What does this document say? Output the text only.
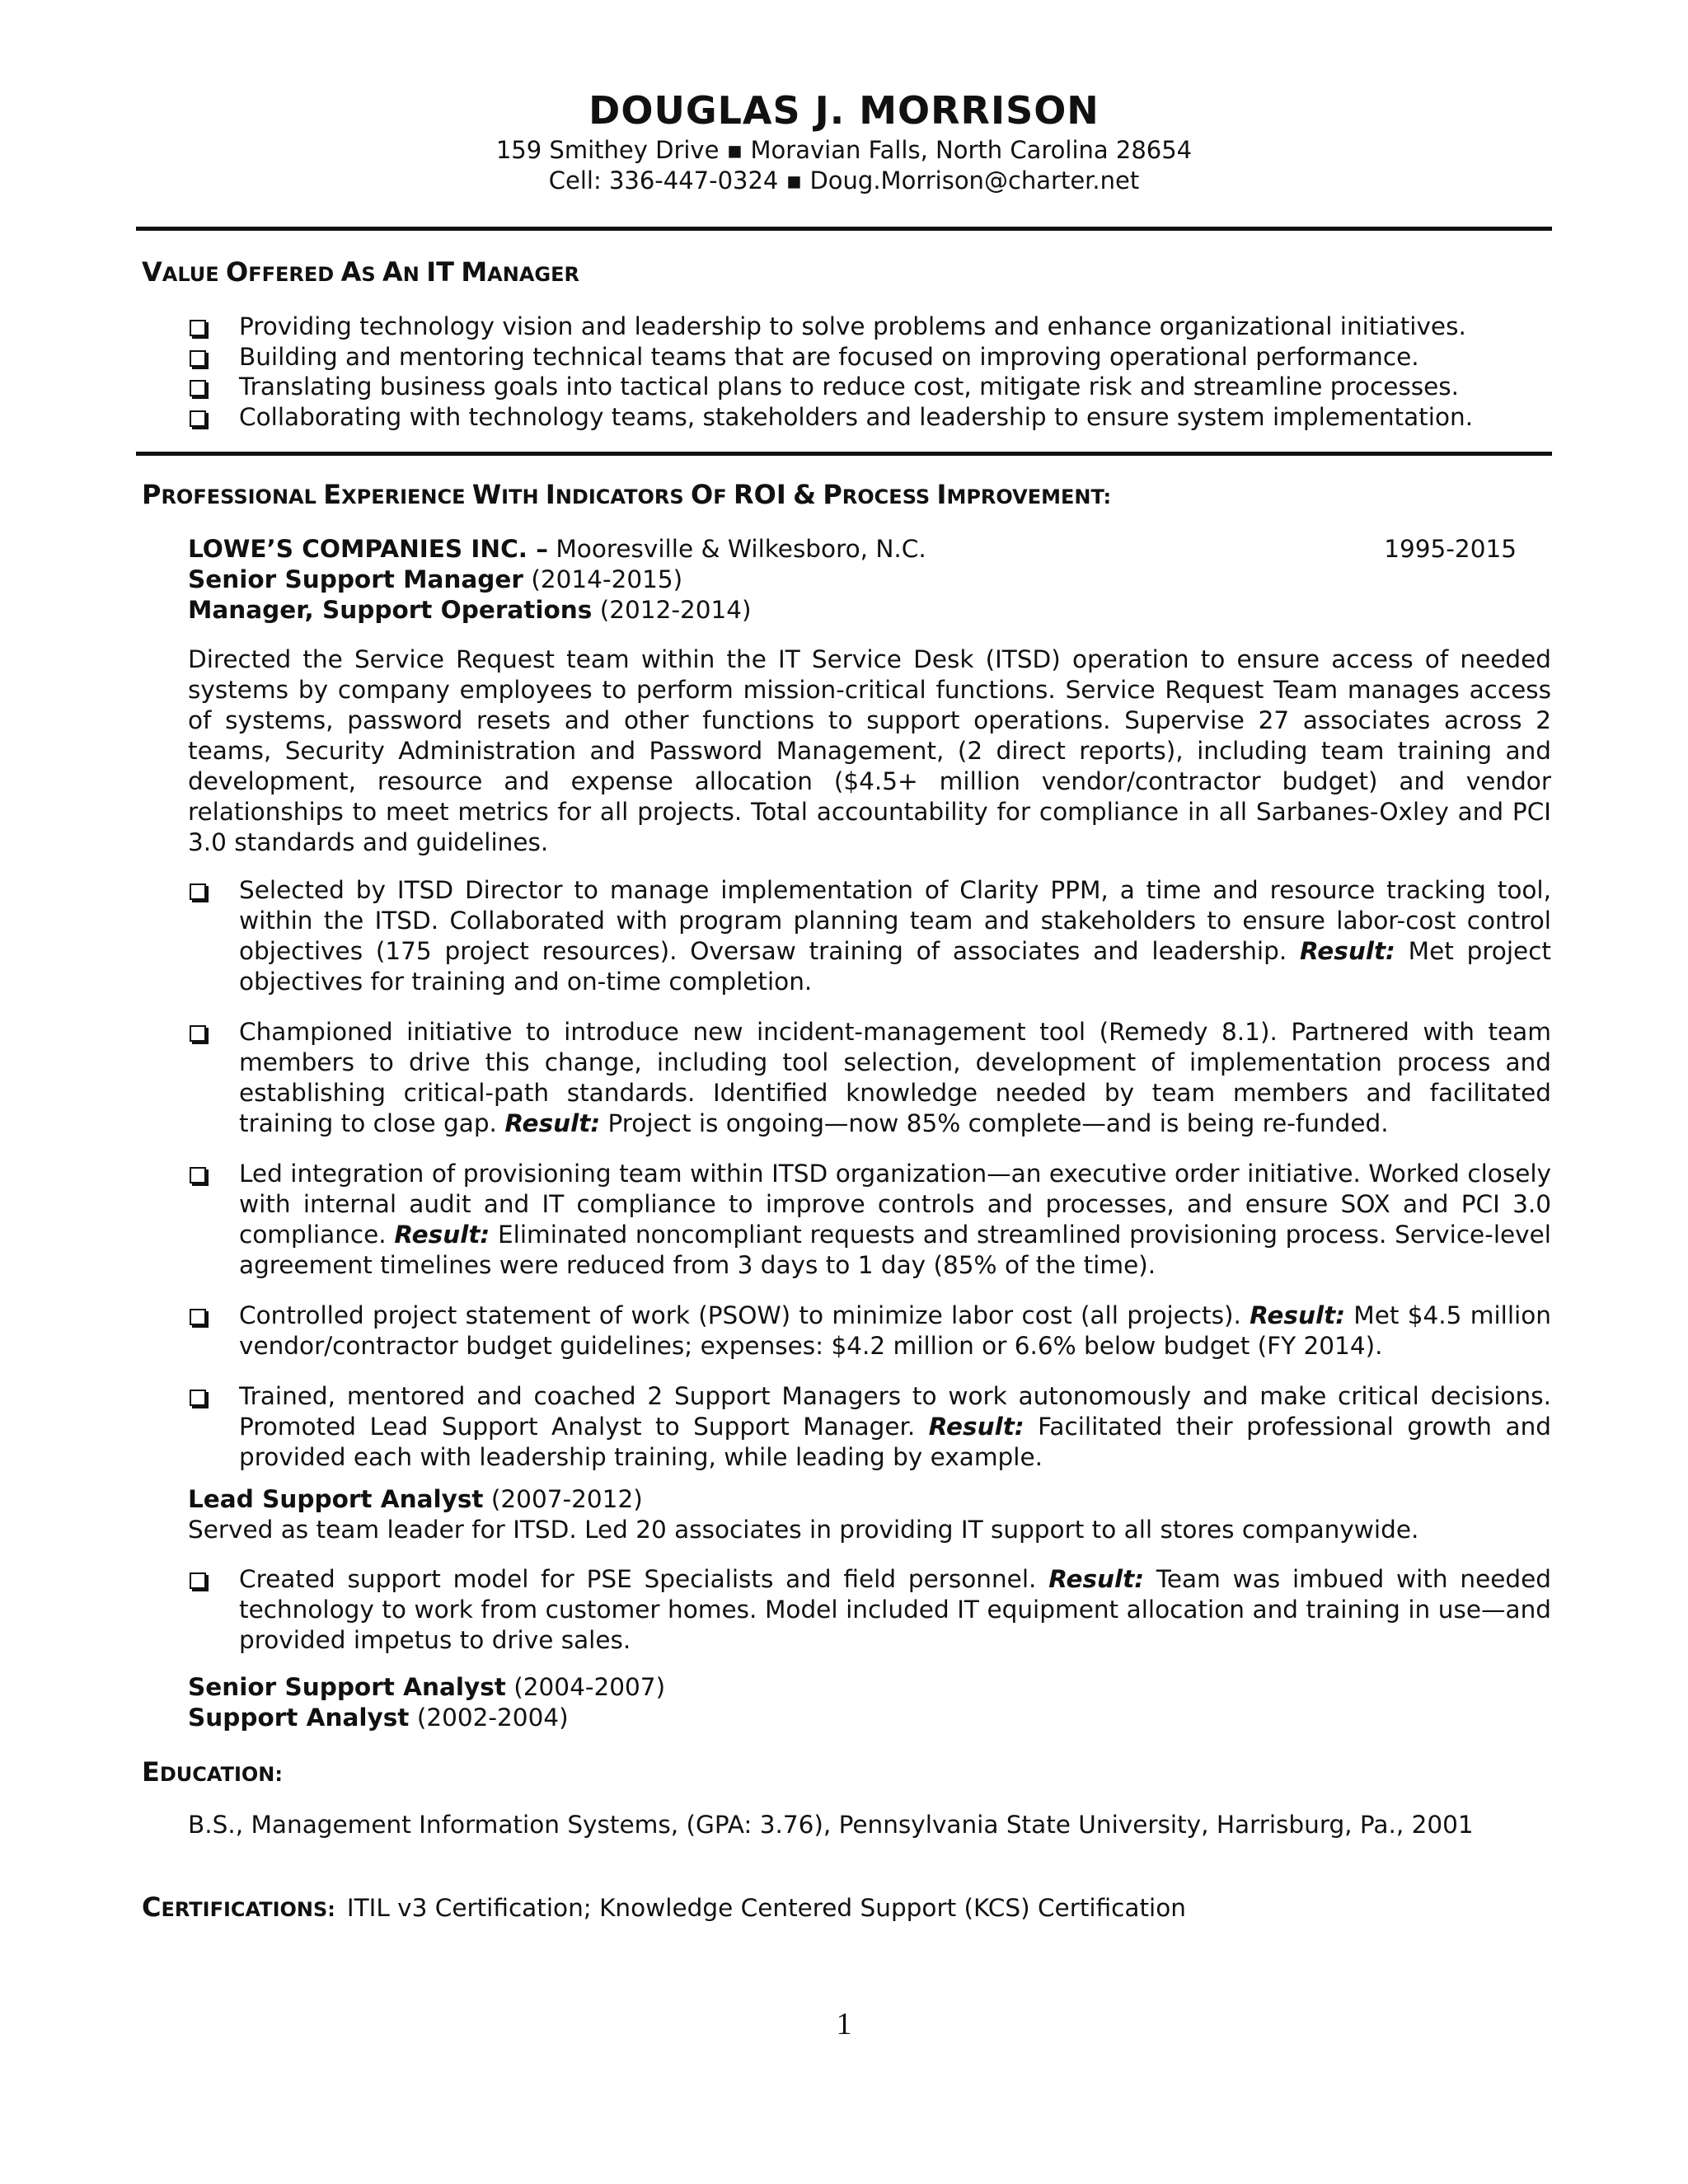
DOUGLAS J. MORRISON
159 Smithey Drive ▪ Moravian Falls, North Carolina 28654
Cell: 336-447-0324 ▪ Doug.Morrison@charter.net
VALUE OFFERED AS AN IT MANAGER
Providing technology vision and leadership to solve problems and enhance organizational initiatives.
Building and mentoring technical teams that are focused on improving operational performance.
Translating business goals into tactical plans to reduce cost, mitigate risk and streamline processes.
Collaborating with technology teams, stakeholders and leadership to ensure system implementation.
PROFESSIONAL EXPERIENCE WITH INDICATORS OF ROI & PROCESS IMPROVEMENT:
LOWE’S COMPANIES INC. – Mooresville & Wilkesboro, N.C.	1995-2015
Senior Support Manager (2014-2015)
Manager, Support Operations (2012-2014)
Directed the Service Request team within the IT Service Desk (ITSD) operation to ensure access of needed systems by company employees to perform mission-critical functions. Service Request Team manages access of systems, password resets and other functions to support operations. Supervise 27 associates across 2 teams, Security Administration and Password Management, (2 direct reports), including team training and development, resource and expense allocation ($4.5+ million vendor/contractor budget) and vendor relationships to meet metrics for all projects. Total accountability for compliance in all Sarbanes-Oxley and PCI 3.0 standards and guidelines.
Selected by ITSD Director to manage implementation of Clarity PPM, a time and resource tracking tool, within the ITSD. Collaborated with program planning team and stakeholders to ensure labor-cost control objectives (175 project resources). Oversaw training of associates and leadership. Result: Met project objectives for training and on-time completion.
Championed initiative to introduce new incident-management tool (Remedy 8.1). Partnered with team members to drive this change, including tool selection, development of implementation process and establishing critical-path standards. Identified knowledge needed by team members and facilitated training to close gap. Result: Project is ongoing—now 85% complete—and is being re-funded.
Led integration of provisioning team within ITSD organization—an executive order initiative. Worked closely with internal audit and IT compliance to improve controls and processes, and ensure SOX and PCI 3.0 compliance. Result: Eliminated noncompliant requests and streamlined provisioning process. Service-level agreement timelines were reduced from 3 days to 1 day (85% of the time).
Controlled project statement of work (PSOW) to minimize labor cost (all projects). Result: Met $4.5 million vendor/contractor budget guidelines; expenses: $4.2 million or 6.6% below budget (FY 2014).
Trained, mentored and coached 2 Support Managers to work autonomously and make critical decisions. Promoted Lead Support Analyst to Support Manager. Result: Facilitated their professional growth and provided each with leadership training, while leading by example.
Lead Support Analyst (2007-2012)
Served as team leader for ITSD. Led 20 associates in providing IT support to all stores companywide.
Created support model for PSE Specialists and field personnel. Result: Team was imbued with needed technology to work from customer homes. Model included IT equipment allocation and training in use—and provided impetus to drive sales.
Senior Support Analyst (2004-2007)
Support Analyst (2002-2004)
EDUCATION:
B.S., Management Information Systems, (GPA: 3.76), Pennsylvania State University, Harrisburg, Pa., 2001
CERTIFICATIONS: ITIL v3 Certification; Knowledge Centered Support (KCS) Certification
1
